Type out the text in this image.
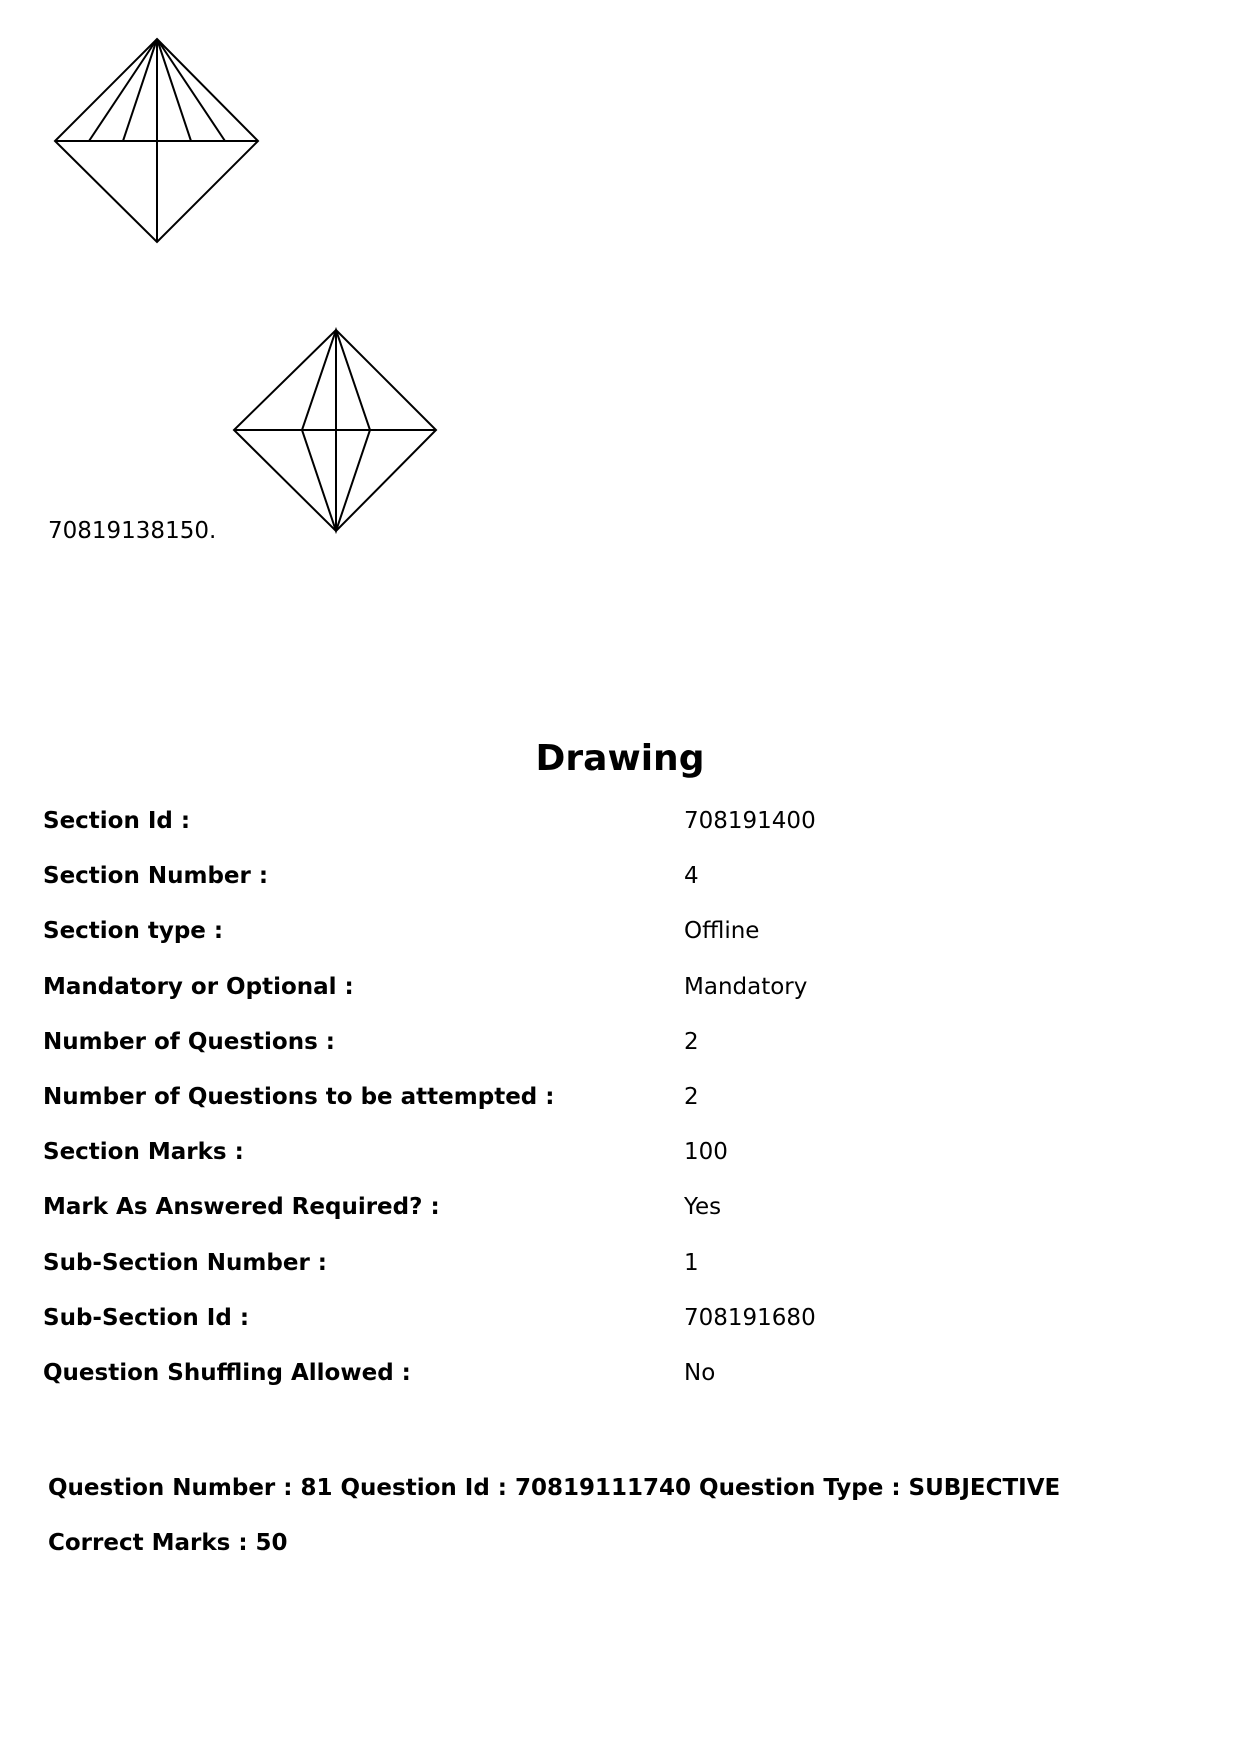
70819138150.
Drawing
Section Id :	708191400
Section Number :	4
Section type :	Offline
Mandatory or Optional :	Mandatory
Number of Questions :	2
Number of Questions to be attempted :	2
Section Marks :	100
Mark As Answered Required? :	Yes
Sub-Section Number :	1
Sub-Section Id :	708191680
Question Shuffling Allowed :	No
Question Number : 81 Question Id : 70819111740 Question Type : SUBJECTIVE
Correct Marks : 50
